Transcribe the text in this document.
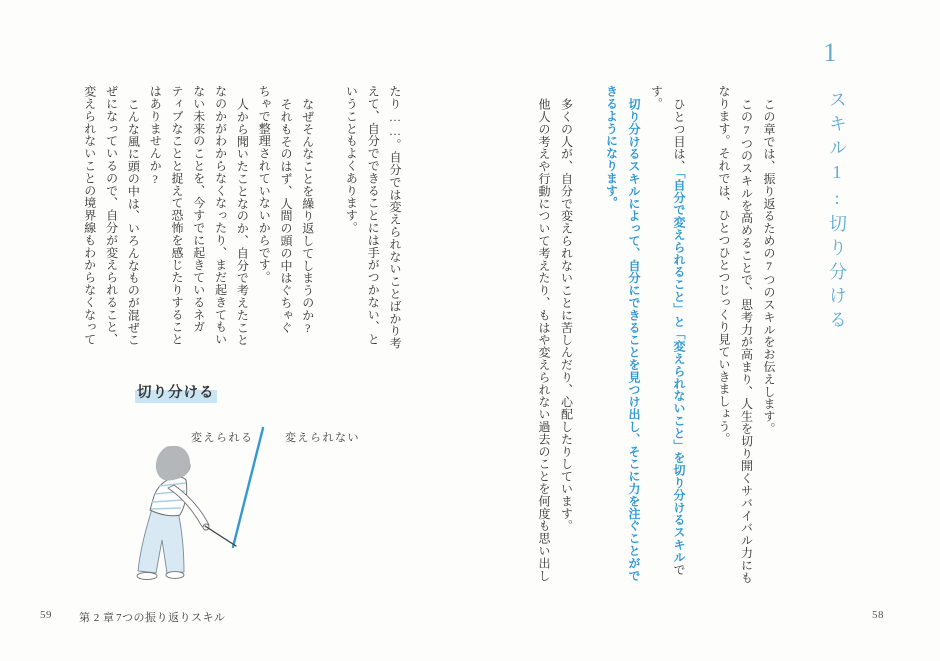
1
スキル1:切り分ける
この章では、振り返るための7つのスキルをお伝えします。
この7つのスキルを高めることで、思考力が高まり、人生を切り開くサバイバル力にも
なります。それでは、ひとつひとつじっくり見ていきましょう。
ひとつ目は、「自分で変えられること」と「変えられないこと」を切り分けるスキルで
す。
切り分けるスキルによって、自分にできることを見つけ出し、そこに力を注ぐことがで
きるようになります。
多くの人が、自分で変えられないことに苦しんだり、心配したりしています。
他人の考えや行動について考えたり、もはや変えられない過去のことを何度も思い出し
たり……。自分では変えられないことばかり考
えて、自分でできることには手がつかない、と
いうこともよくあります。
なぜそんなことを繰り返してしまうのか?
それもそのはず、人間の頭の中はぐちゃぐ
ちゃで整理されていないからです。
人から聞いたことなのか、自分で考えたこと
なのかがわからなくなったり、まだ起きてもい
ない未来のことを、今すでに起きているネガ
ティブなことと捉えて恐怖を感じたりすること
はありませんか?
こんな風に頭の中は、いろんなものが混ぜこ
ぜになっているので、自分が変えられること、
変えられないことの境界線もわからなくなって
切り分ける
変えられる	変えられない
59 第 2 章 7つの振り返りスキル	58
